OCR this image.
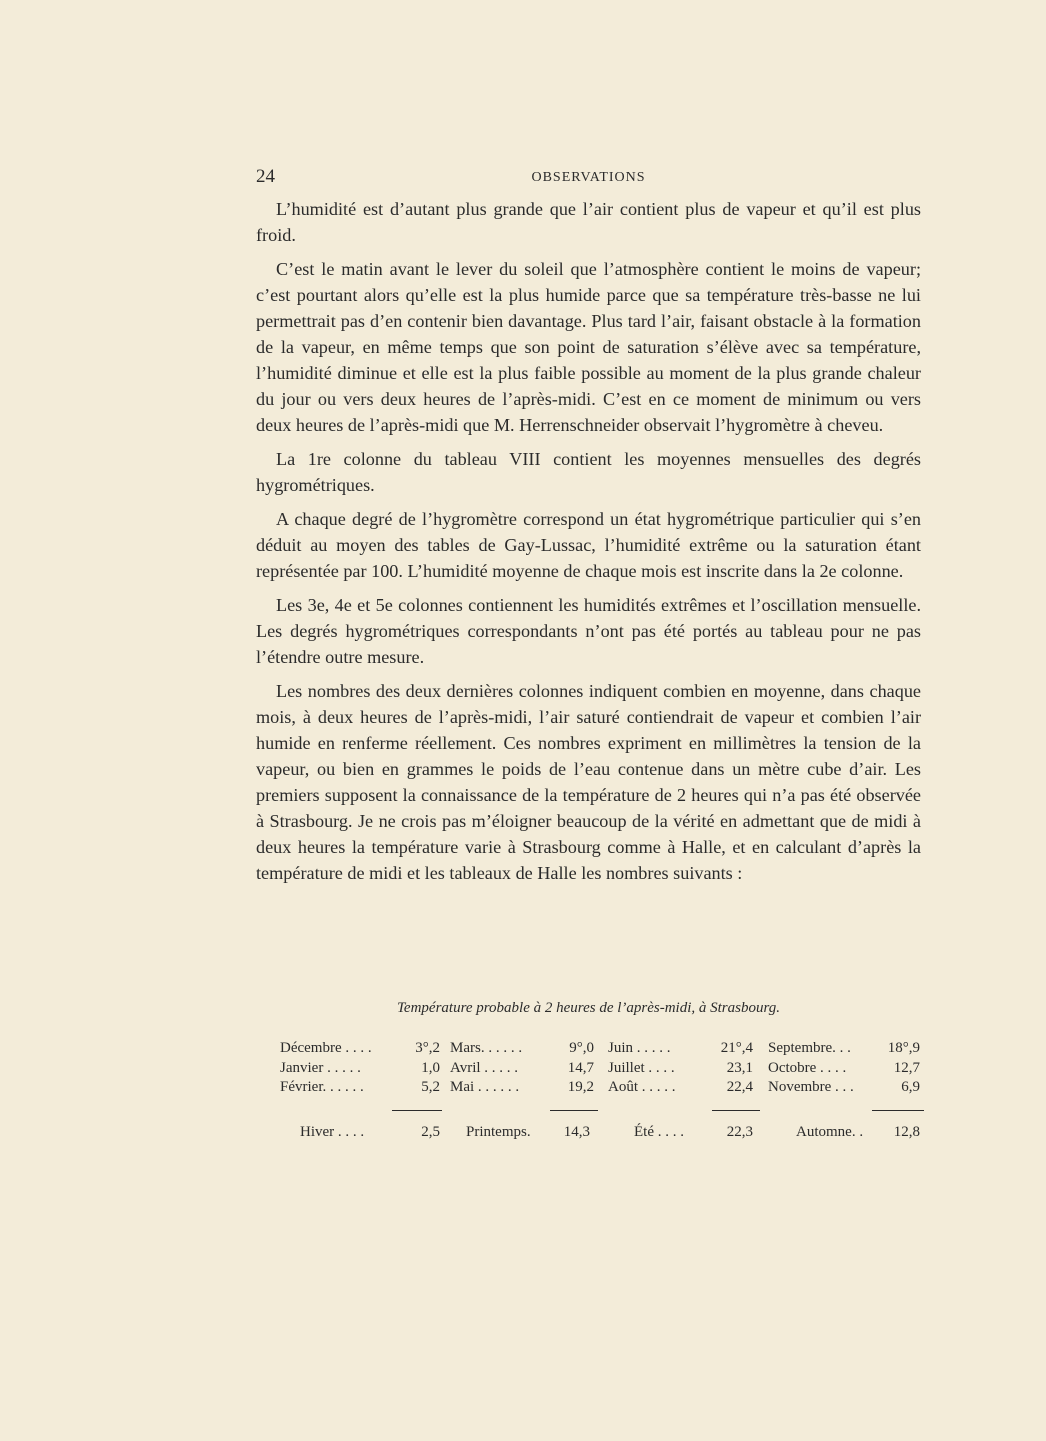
24	OBSERVATIONS

L’humidité est d’autant plus grande que l’air contient plus de vapeur et qu’il est plus froid.

C’est le matin avant le lever du soleil que l’atmosphère contient le moins de vapeur; c’est pourtant alors qu’elle est la plus humide parce que sa température très-basse ne lui permettrait pas d’en contenir bien davantage. Plus tard l’air, faisant obstacle à la formation de la vapeur, en même temps que son point de saturation s’élève avec sa température, l’humidité diminue et elle est la plus faible possible au moment de la plus grande chaleur du jour ou vers deux heures de l’après-midi. C’est en ce moment de minimum ou vers deux heures de l’après-midi que M. Herrenschneider observait l’hygromètre à cheveu.

La 1re colonne du tableau VIII contient les moyennes mensuelles des degrés hygrométriques.

A chaque degré de l’hygromètre correspond un état hygrométrique particulier qui s’en déduit au moyen des tables de Gay-Lussac, l’humidité extrême ou la saturation étant représentée par 100. L’humidité moyenne de chaque mois est inscrite dans la 2e colonne.

Les 3e, 4e et 5e colonnes contiennent les humidités extrêmes et l’oscillation mensuelle. Les degrés hygrométriques correspondants n’ont pas été portés au tableau pour ne pas l’étendre outre mesure.

Les nombres des deux dernières colonnes indiquent combien en moyenne, dans chaque mois, à deux heures de l’après-midi, l’air saturé contiendrait de vapeur et combien l’air humide en renferme réellement. Ces nombres expriment en millimètres la tension de la vapeur, ou bien en grammes le poids de l’eau contenue dans un mètre cube d’air. Les premiers supposent la connaissance de la température de 2 heures qui n’a pas été observée à Strasbourg. Je ne crois pas m’éloigner beaucoup de la vérité en admettant que de midi à deux heures la température varie à Strasbourg comme à Halle, et en calculant d’après la température de midi et les tableaux de Halle les nombres suivants :

Température probable à 2 heures de l’après-midi, à Strasbourg.
Décembre . . . .	3°,2 Mars. . . . . .	9°,0 Juin . . . . .	21°,4 Septembre. . .	18°,9
Janvier . . . . .	1,0 Avril . . . . .	14,7 Juillet . . . .	23,1 Octobre . . . .	12,7
Février. . . . . .	5,2 Mai . . . . . .	19,2 Août . . . . .	22,4 Novembre . . .	6,9
Hiver . . . .	2,5 Printemps.	14,3	Été . . . .	22,3	Automne. .	12,8
